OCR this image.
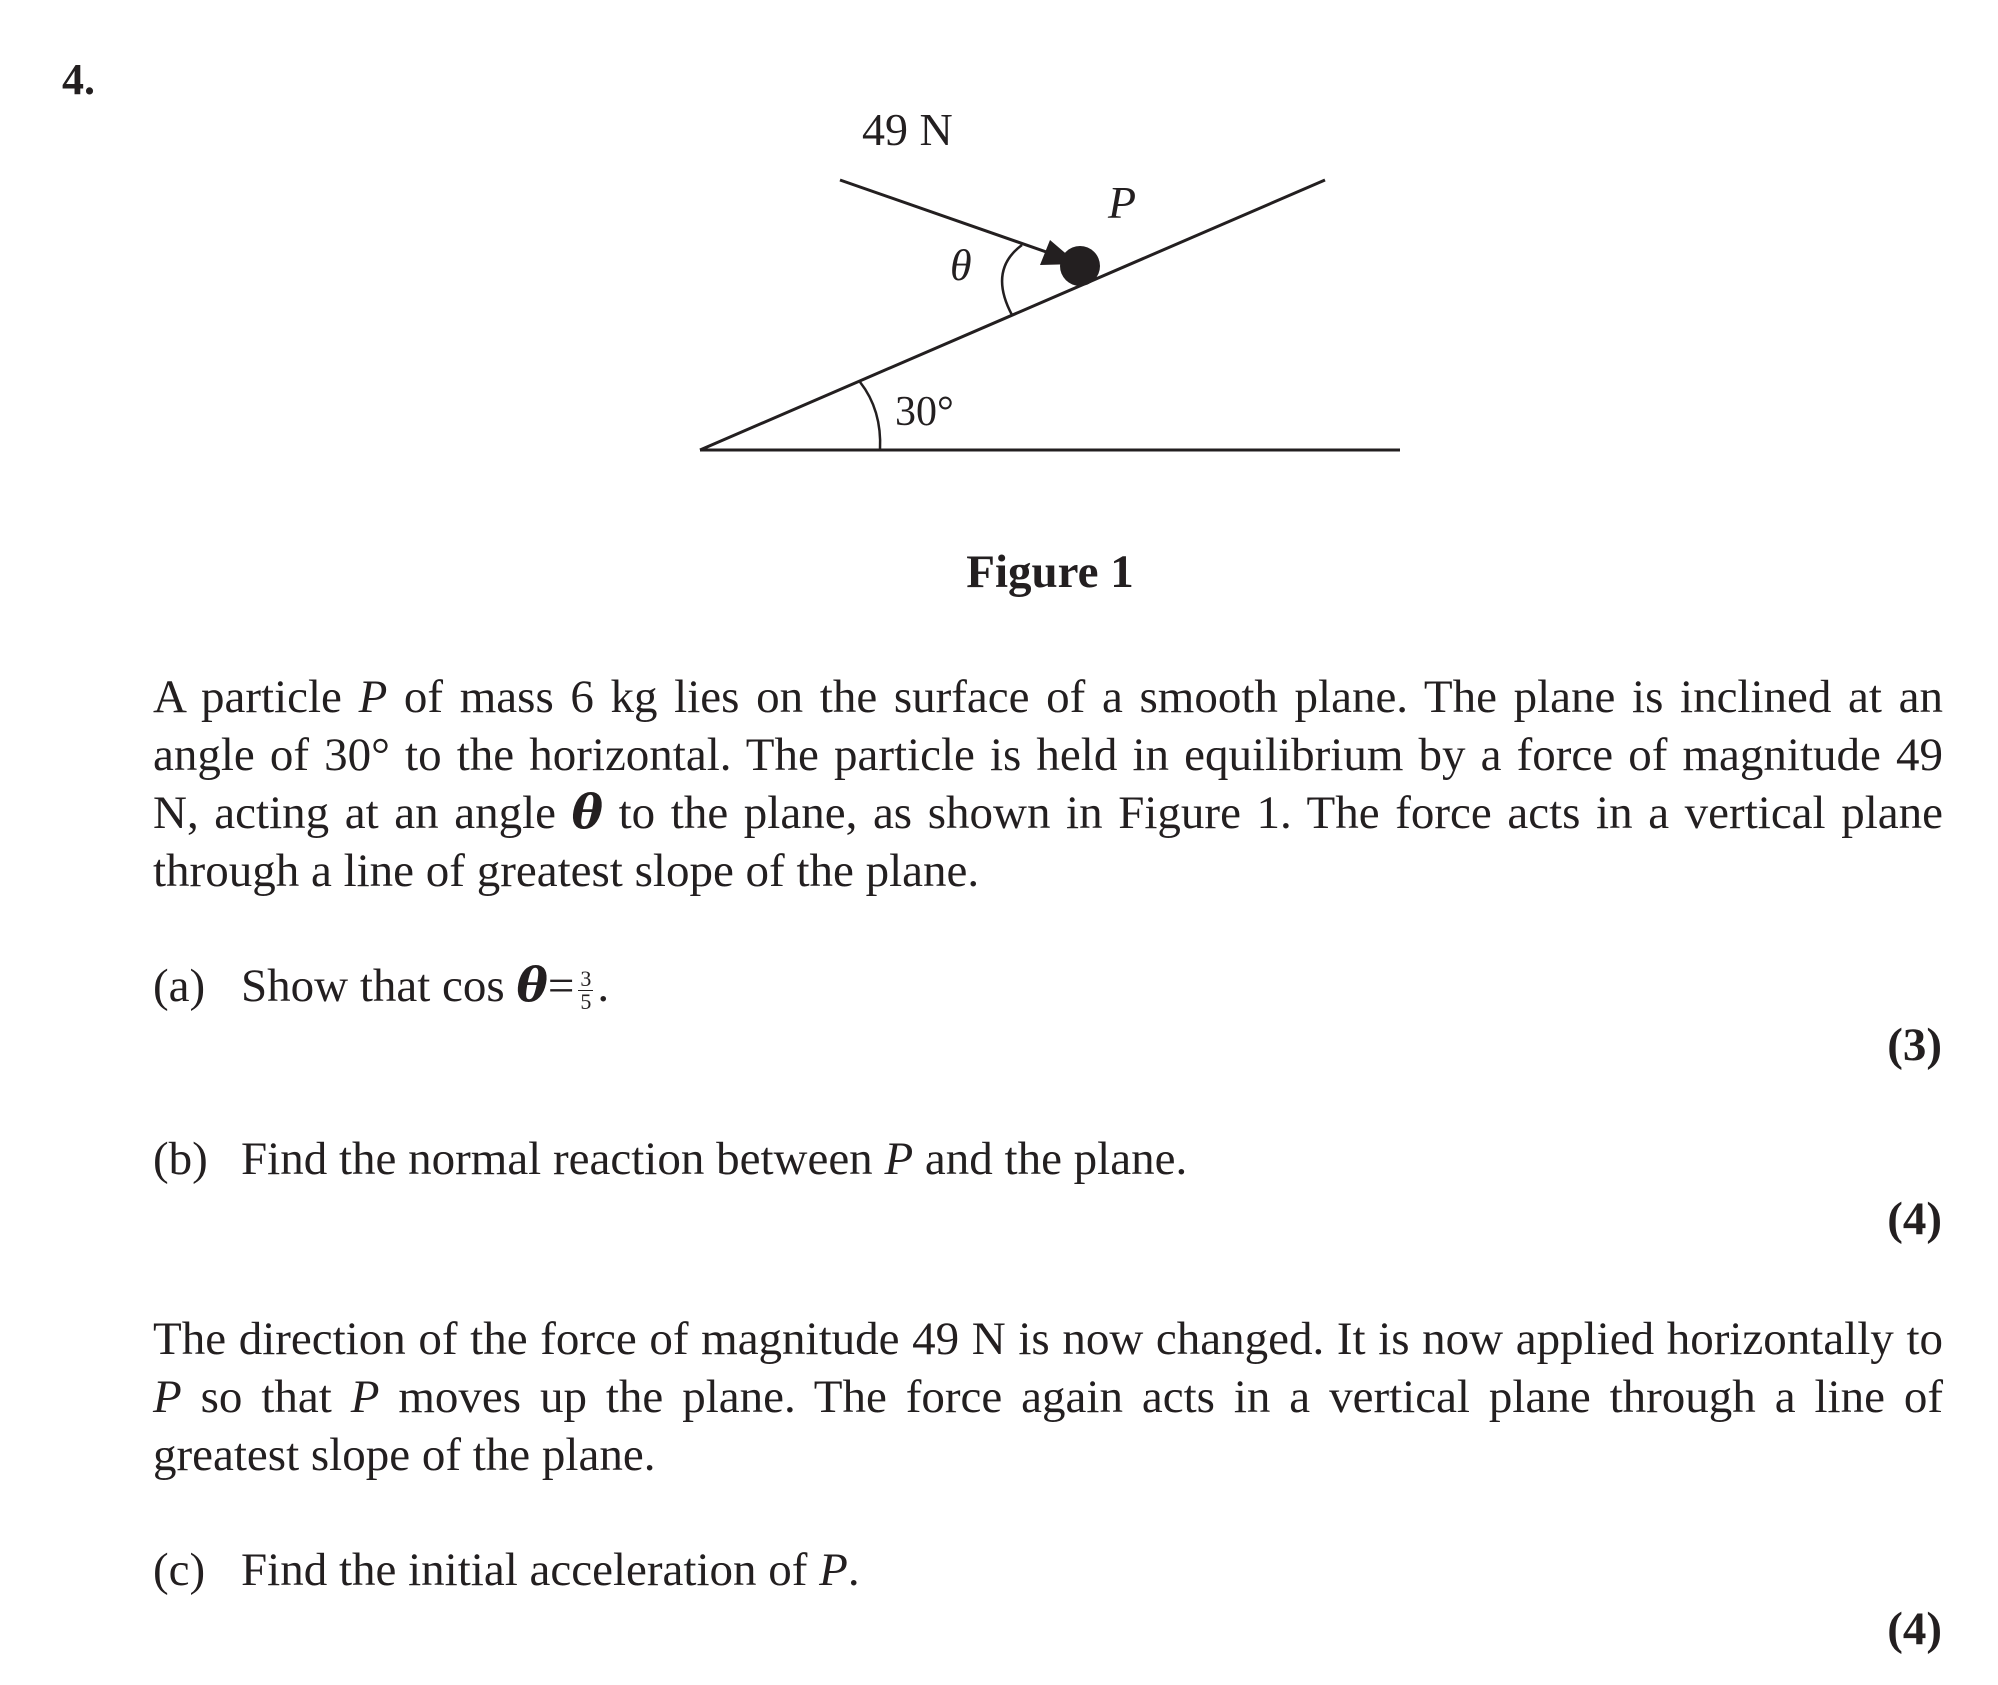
4.
49 N
P
θ
30°
Figure 1
A particle P of mass 6 kg lies on the surface of a smooth plane. The plane is inclined at an angle of 30° to the horizontal. The particle is held in equilibrium by a force of magnitude 49 N, acting at an angle θ to the plane, as shown in Figure 1. The force acts in a vertical plane through a line of greatest slope of the plane.
(a) Show that $\cos \theta= \frac{3}{5}$ .
(3)
(b) Find the normal reaction between P and the plane.
(4)
The direction of the force of magnitude 49 N is now changed. It is now applied horizontally to P so that P moves up the plane. The force again acts in a vertical plane through a line of greatest slope of the plane.
(c) Find the initial acceleration of P.
(4)
